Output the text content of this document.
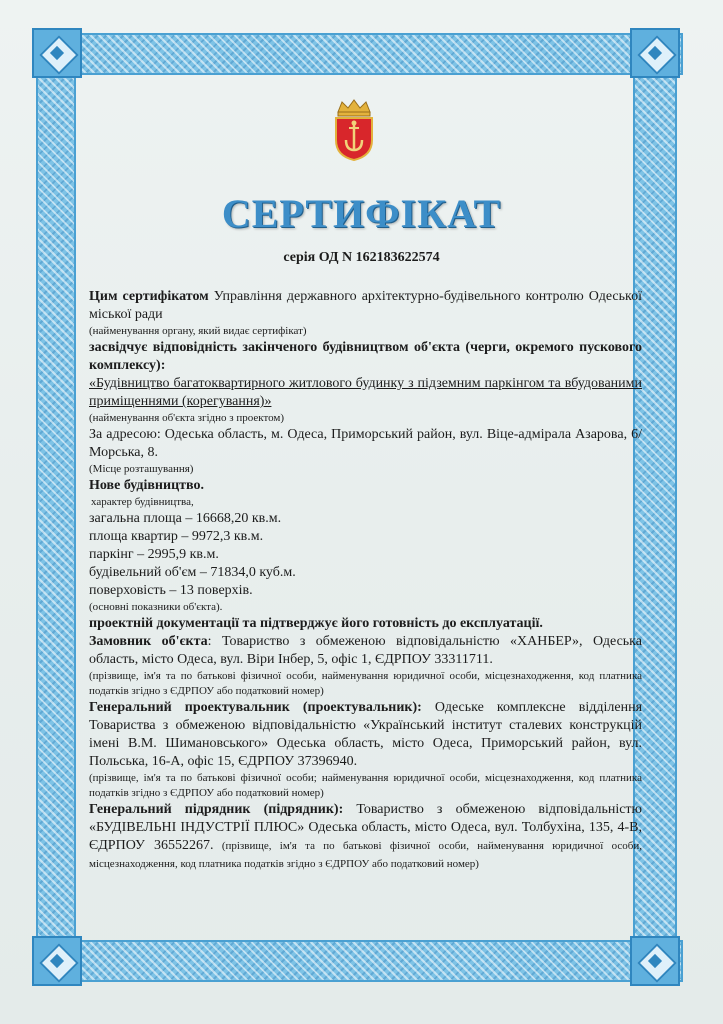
СЕРТИФІКАТ
серія ОД N 162183622574

Цим сертифікатом Управління державного архітектурно-будівельного контролю Одеської міської ради

(найменування органу, який видає сертифікат)

засвідчує відповідність закінченого будівництвом об'єкта (черги, окремого пускового комплексу):

«Будівництво багатоквартирного житлового будинку з підземним паркінгом та вбудованими приміщеннями (корегування)»

(найменування об'єкта згідно з проектом)

За адресою: Одеська область, м. Одеса, Приморський район, вул. Віце-адмірала Азарова, 6/ Морська, 8.

(Місце розташування)

Нове будівництво.

характер будівництва,

загальна площа – 16668,20 кв.м.

площа квартир – 9972,3 кв.м.

паркінг – 2995,9 кв.м.

будівельний об'єм – 71834,0 куб.м.

поверховість – 13 поверхів.

(основні показники об'єкта).

проектній документації та підтверджує його готовність до експлуатації.

Замовник об'єкта: Товариство з обмеженою відповідальністю «ХАНБЕР», Одеська область, місто Одеса, вул. Віри Інбер, 5, офіс 1, ЄДРПОУ 33311711.

(прізвище, ім'я та по батькові фізичної особи, найменування юридичної особи, місцезнаходження, код платника податків згідно з ЄДРПОУ або податковий номер)

Генеральний проектувальник (проектувальник): Одеське комплексне відділення Товариства з обмеженою відповідальністю «Український інститут сталевих конструкцій імені В.М. Шимановського» Одеська область, місто Одеса, Приморський район, вул. Польська, 16-А, офіс 15, ЄДРПОУ 37396940.

(прізвище, ім'я та по батькові фізичної особи; найменування юридичної особи, місцезнаходження, код платника податків згідно з ЄДРПОУ або податковий номер)

Генеральний підрядник (підрядник): Товариство з обмеженою відповідальністю «БУДІВЕЛЬНІ ІНДУСТРІЇ ПЛЮС» Одеська область, місто Одеса, вул. Толбухіна, 135, 4-В, ЄДРПОУ 36552267. (прізвище, ім'я та по батькові фізичної особи, найменування юридичної особи, місцезнаходження, код платника податків згідно з ЄДРПОУ або податковий номер)
